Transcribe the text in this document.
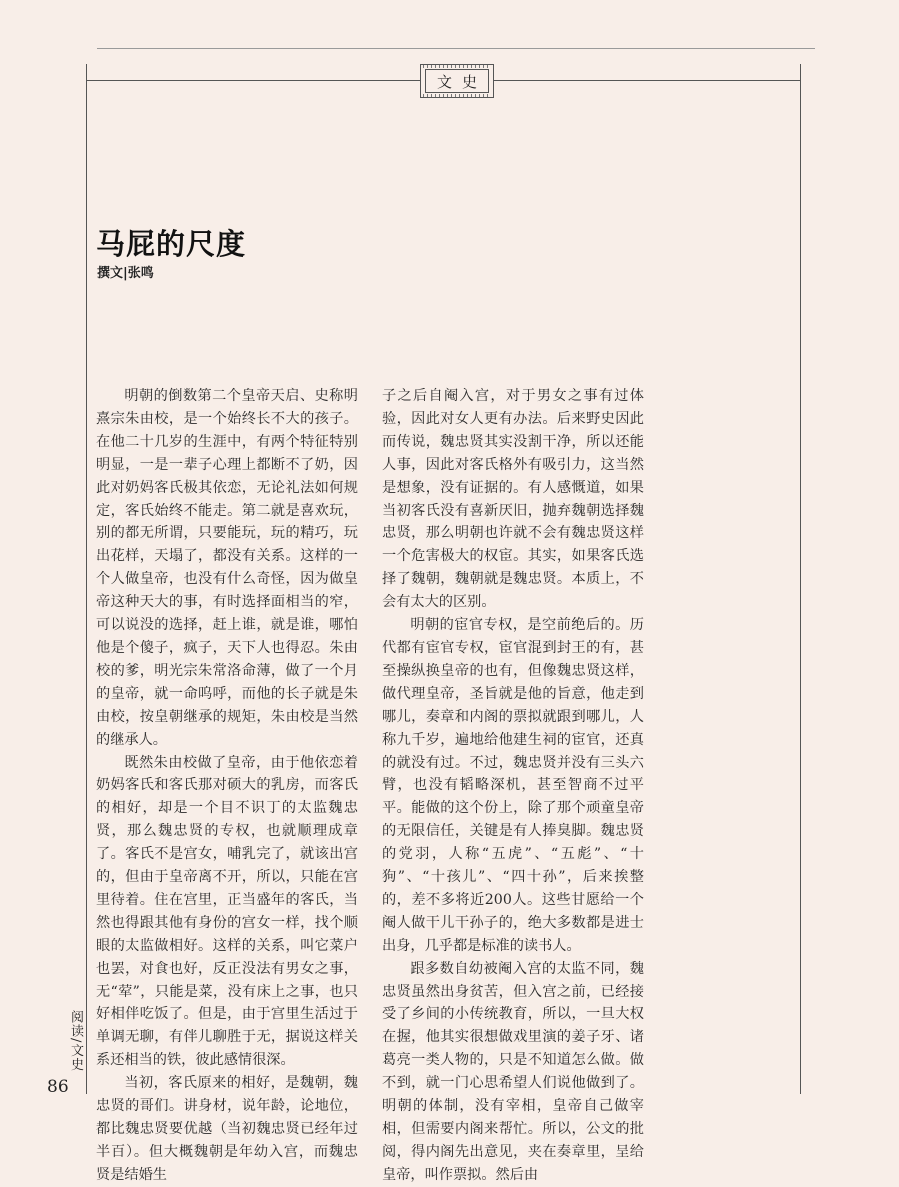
文史
马屁的尺度
撰文|张鸣

明朝的倒数第二个皇帝天启、史称明熹宗朱由校，是一个始终长不大的孩子。在他二十几岁的生涯中，有两个特征特别明显，一是一辈子心理上都断不了奶，因此对奶妈客氏极其依恋，无论礼法如何规定，客氏始终不能走。第二就是喜欢玩，别的都无所谓，只要能玩，玩的精巧，玩出花样，天塌了，都没有关系。这样的一个人做皇帝，也没有什么奇怪，因为做皇帝这种天大的事，有时选择面相当的窄，可以说没的选择，赶上谁，就是谁，哪怕他是个傻子，疯子，天下人也得忍。朱由校的爹，明光宗朱常洛命薄，做了一个月的皇帝，就一命呜呼，而他的长子就是朱由校，按皇朝继承的规矩，朱由校是当然的继承人。

既然朱由校做了皇帝，由于他依恋着奶妈客氏和客氏那对硕大的乳房，而客氏的相好，却是一个目不识丁的太监魏忠贤，那么魏忠贤的专权，也就顺理成章了。客氏不是宫女，哺乳完了，就该出宫的，但由于皇帝离不开，所以，只能在宫里待着。住在宫里，正当盛年的客氏，当然也得跟其他有身份的宫女一样，找个顺眼的太监做相好。这样的关系，叫它菜户也罢，对食也好，反正没法有男女之事，无“荤”，只能是菜，没有床上之事，也只好相伴吃饭了。但是，由于宫里生活过于单调无聊，有伴儿聊胜于无，据说这样关系还相当的铁，彼此感情很深。

当初，客氏原来的相好，是魏朝，魏忠贤的哥们。讲身材，说年龄，论地位，都比魏忠贤要优越（当初魏忠贤已经年过半百）。但大概魏朝是年幼入宫，而魏忠贤是结婚生

子之后自阉入宫，对于男女之事有过体验，因此对女人更有办法。后来野史因此而传说，魏忠贤其实没割干净，所以还能人事，因此对客氏格外有吸引力，这当然是想象，没有证据的。有人感慨道，如果当初客氏没有喜新厌旧，抛弃魏朝选择魏忠贤，那么明朝也许就不会有魏忠贤这样一个危害极大的权宦。其实，如果客氏选择了魏朝，魏朝就是魏忠贤。本质上，不会有太大的区别。

明朝的宦官专权，是空前绝后的。历代都有宦官专权，宦官混到封王的有，甚至操纵换皇帝的也有，但像魏忠贤这样，做代理皇帝，圣旨就是他的旨意，他走到哪儿，奏章和内阁的票拟就跟到哪儿，人称九千岁，遍地给他建生祠的宦官，还真的就没有过。不过，魏忠贤并没有三头六臂，也没有韬略深机，甚至智商不过平平。能做的这个份上，除了那个顽童皇帝的无限信任，关键是有人捧臭脚。魏忠贤的党羽，人称“五虎”、“五彪”、“十狗”、“十孩儿”、“四十孙”，后来挨整的，差不多将近200人。这些甘愿给一个阉人做干儿干孙子的，绝大多数都是进士出身，几乎都是标准的读书人。

跟多数自幼被阉入宫的太监不同，魏忠贤虽然出身贫苦，但入宫之前，已经接受了乡间的小传统教育，所以，一旦大权在握，他其实很想做戏里演的姜子牙、诸葛亮一类人物的，只是不知道怎么做。做不到，就一门心思希望人们说他做到了。明朝的体制，没有宰相，皇帝自己做宰相，但需要内阁来帮忙。所以，公文的批阅，得内阁先出意见，夹在奏章里，呈给皇帝，叫作票拟。然后由

阅读/文史
86
